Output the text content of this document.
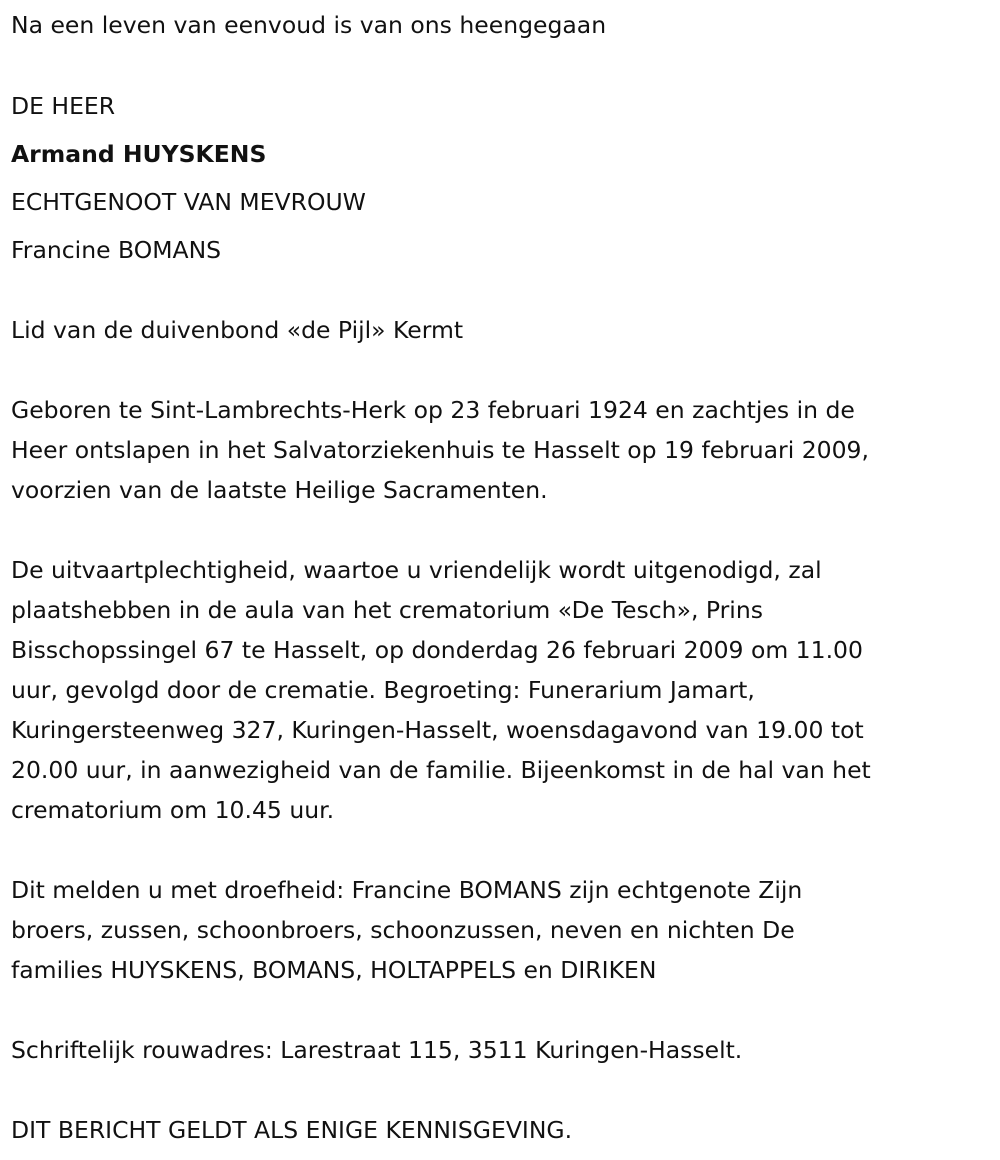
Na een leven van eenvoud is van ons heengegaan
DE HEER
Armand HUYSKENS
ECHTGENOOT VAN MEVROUW
Francine BOMANS
Lid van de duivenbond «de Pijl» Kermt
Geboren te Sint-Lambrechts-Herk op 23 februari 1924 en zachtjes in de
Heer ontslapen in het Salvatorziekenhuis te Hasselt op 19 februari 2009,
voorzien van de laatste Heilige Sacramenten.
De uitvaartplechtigheid, waartoe u vriendelijk wordt uitgenodigd, zal
plaatshebben in de aula van het crematorium «De Tesch», Prins
Bisschopssingel 67 te Hasselt, op donderdag 26 februari 2009 om 11.00
uur, gevolgd door de crematie. Begroeting: Funerarium Jamart,
Kuringersteenweg 327, Kuringen-Hasselt, woensdagavond van 19.00 tot
20.00 uur, in aanwezigheid van de familie. Bijeenkomst in de hal van het
crematorium om 10.45 uur.
Dit melden u met droefheid: Francine BOMANS zijn echtgenote Zijn
broers, zussen, schoonbroers, schoonzussen, neven en nichten De
families HUYSKENS, BOMANS, HOLTAPPELS en DIRIKEN
Schriftelijk rouwadres: Larestraat 115, 3511 Kuringen-Hasselt.
DIT BERICHT GELDT ALS ENIGE KENNISGEVING.
